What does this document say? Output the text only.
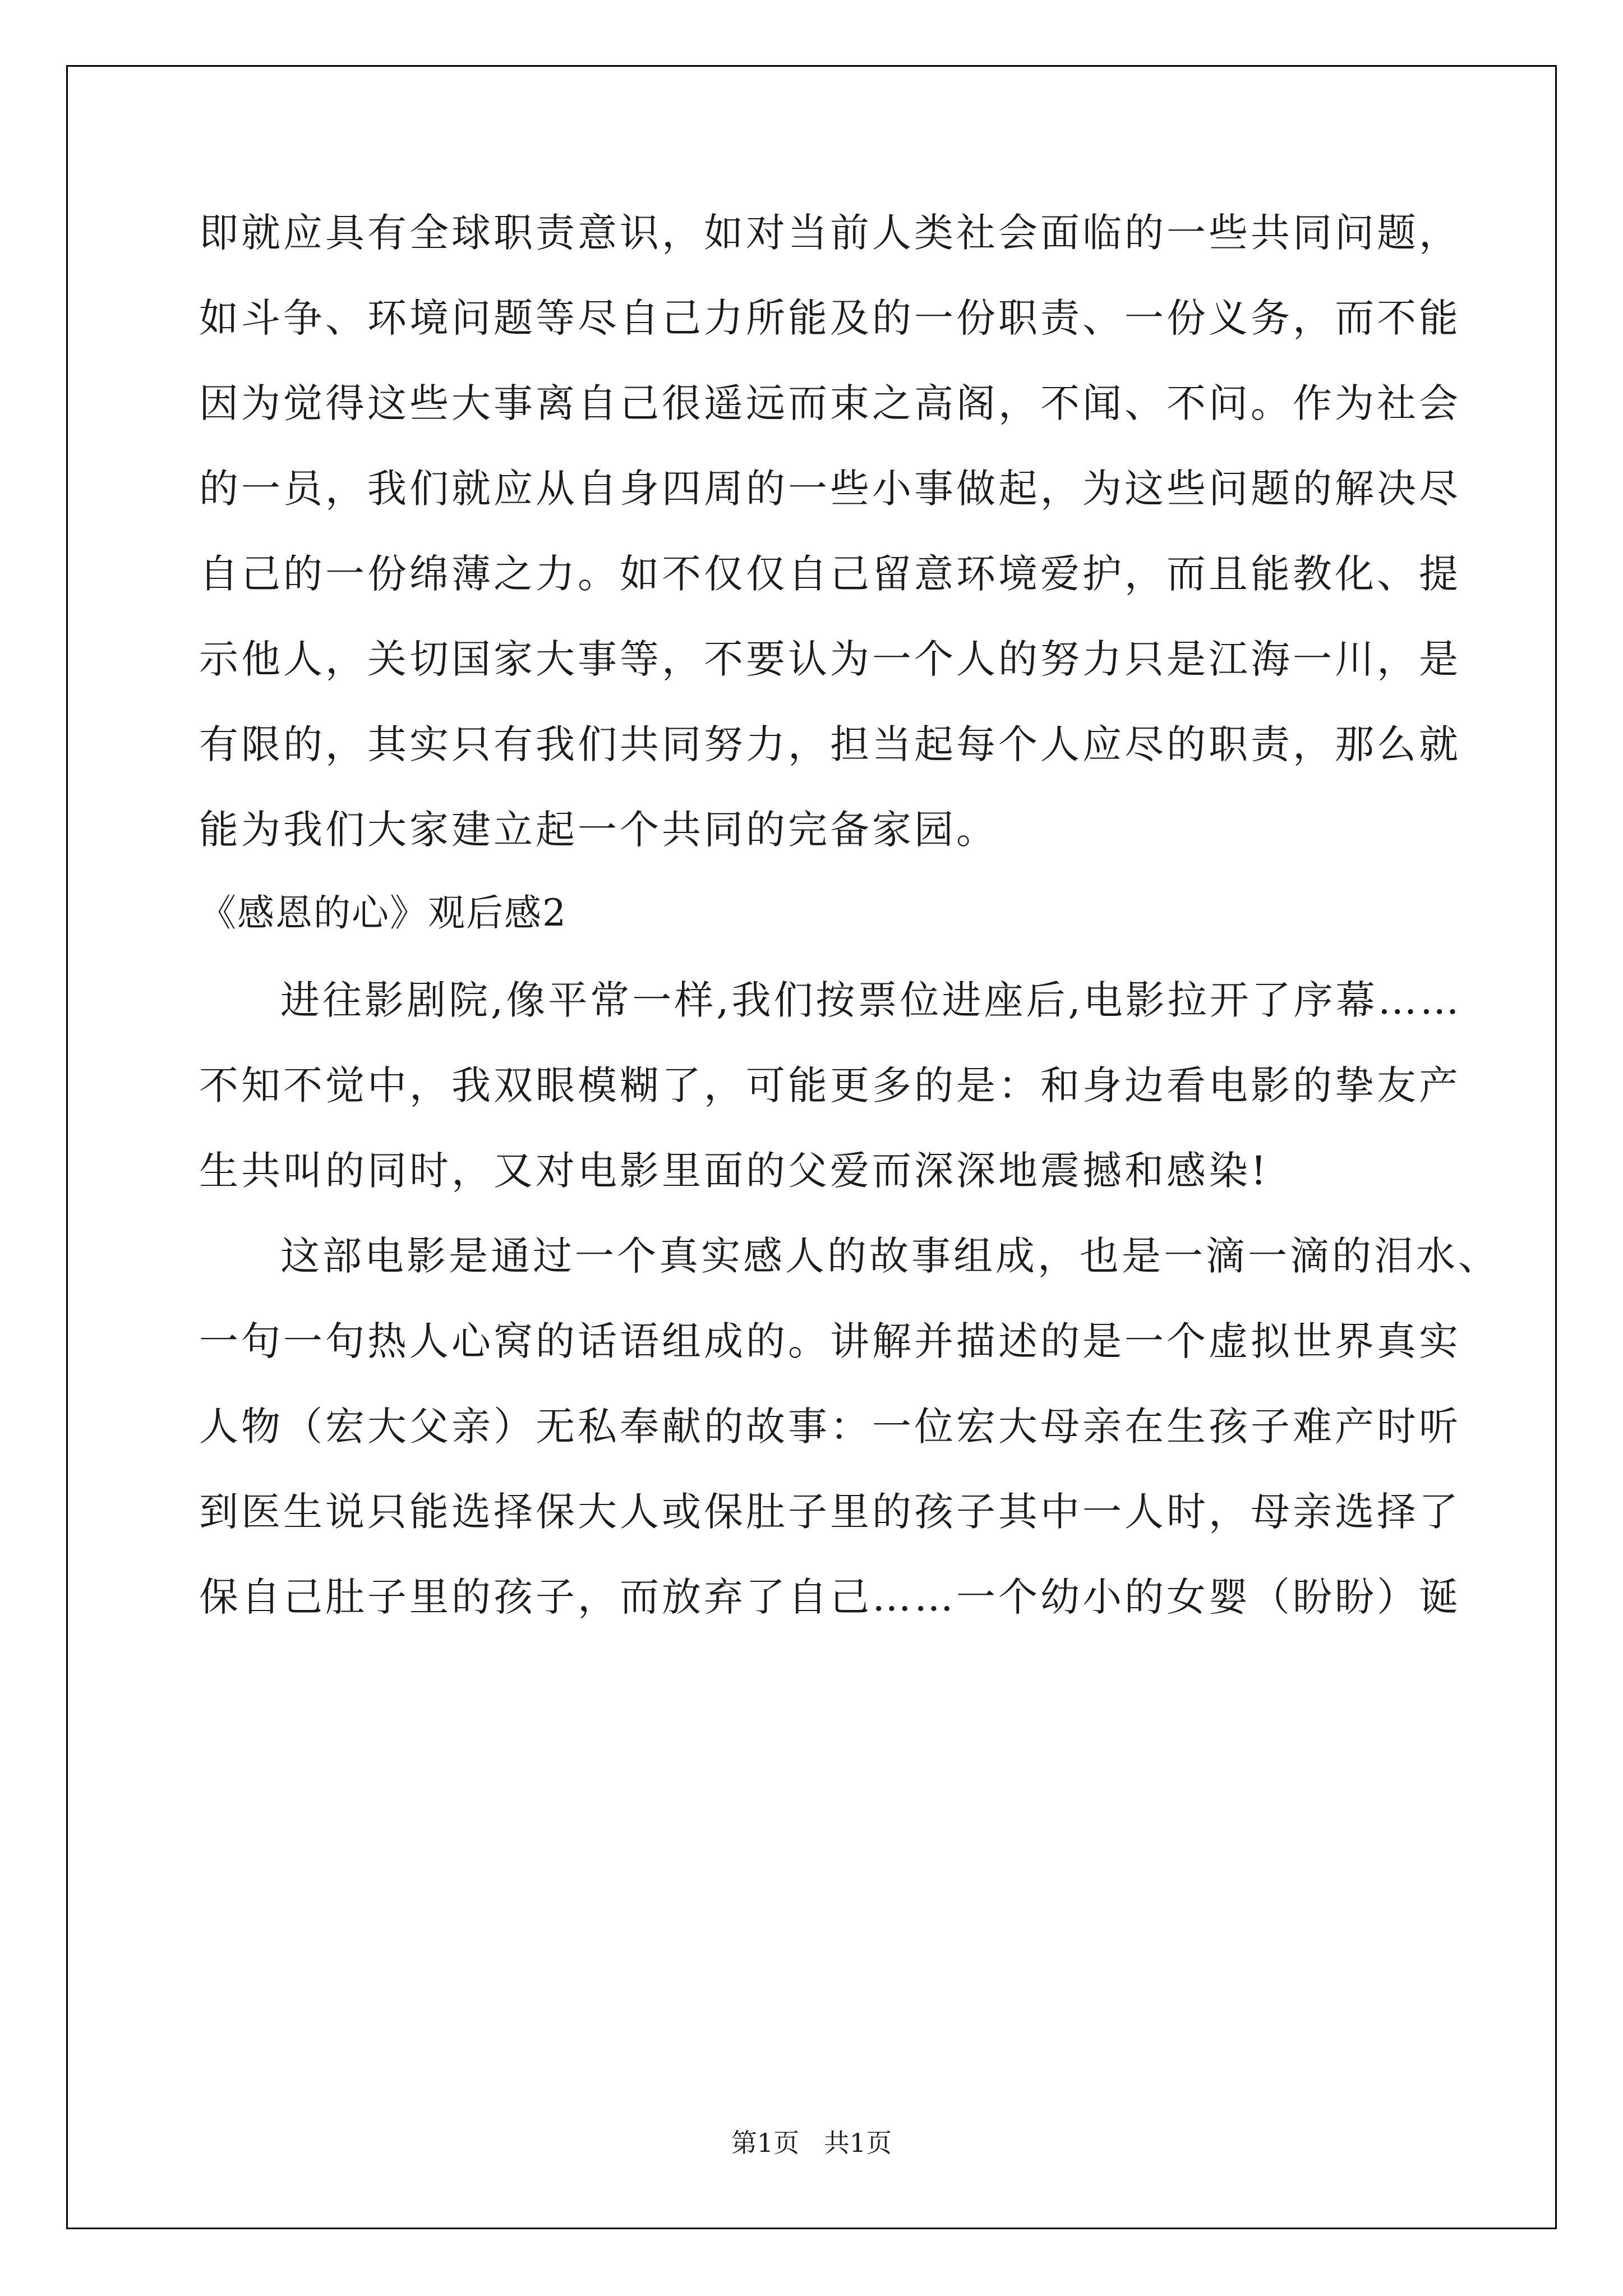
即就应具有全球职责意识，如对当前人类社会面临的一些共同问题，
如斗争、环境问题等尽自己力所能及的一份职责、一份义务，而不能
因为觉得这些大事离自己很遥远而束之高阁，不闻、不问。作为社会
的一员，我们就应从自身四周的一些小事做起，为这些问题的解决尽
自己的一份绵薄之力。如不仅仅自己留意环境爱护，而且能教化、提
示他人，关切国家大事等，不要认为一个人的努力只是江海一川，是
有限的，其实只有我们共同努力，担当起每个人应尽的职责，那么就
能为我们大家建立起一个共同的完备家园。
《感恩的心》观后感2
进往影剧院,像平常一样,我们按票位进座后,电影拉开了序幕……
不知不觉中，我双眼模糊了，可能更多的是：和身边看电影的挚友产
生共叫的同时，又对电影里面的父爱而深深地震撼和感染!
这部电影是通过一个真实感人的故事组成，也是一滴一滴的泪水、
一句一句热人心窝的话语组成的。讲解并描述的是一个虚拟世界真实
人物（宏大父亲）无私奉献的故事：一位宏大母亲在生孩子难产时听
到医生说只能选择保大人或保肚子里的孩子其中一人时，母亲选择了
保自己肚子里的孩子，而放弃了自己……一个幼小的女婴（盼盼）诞
第1页   共1页
